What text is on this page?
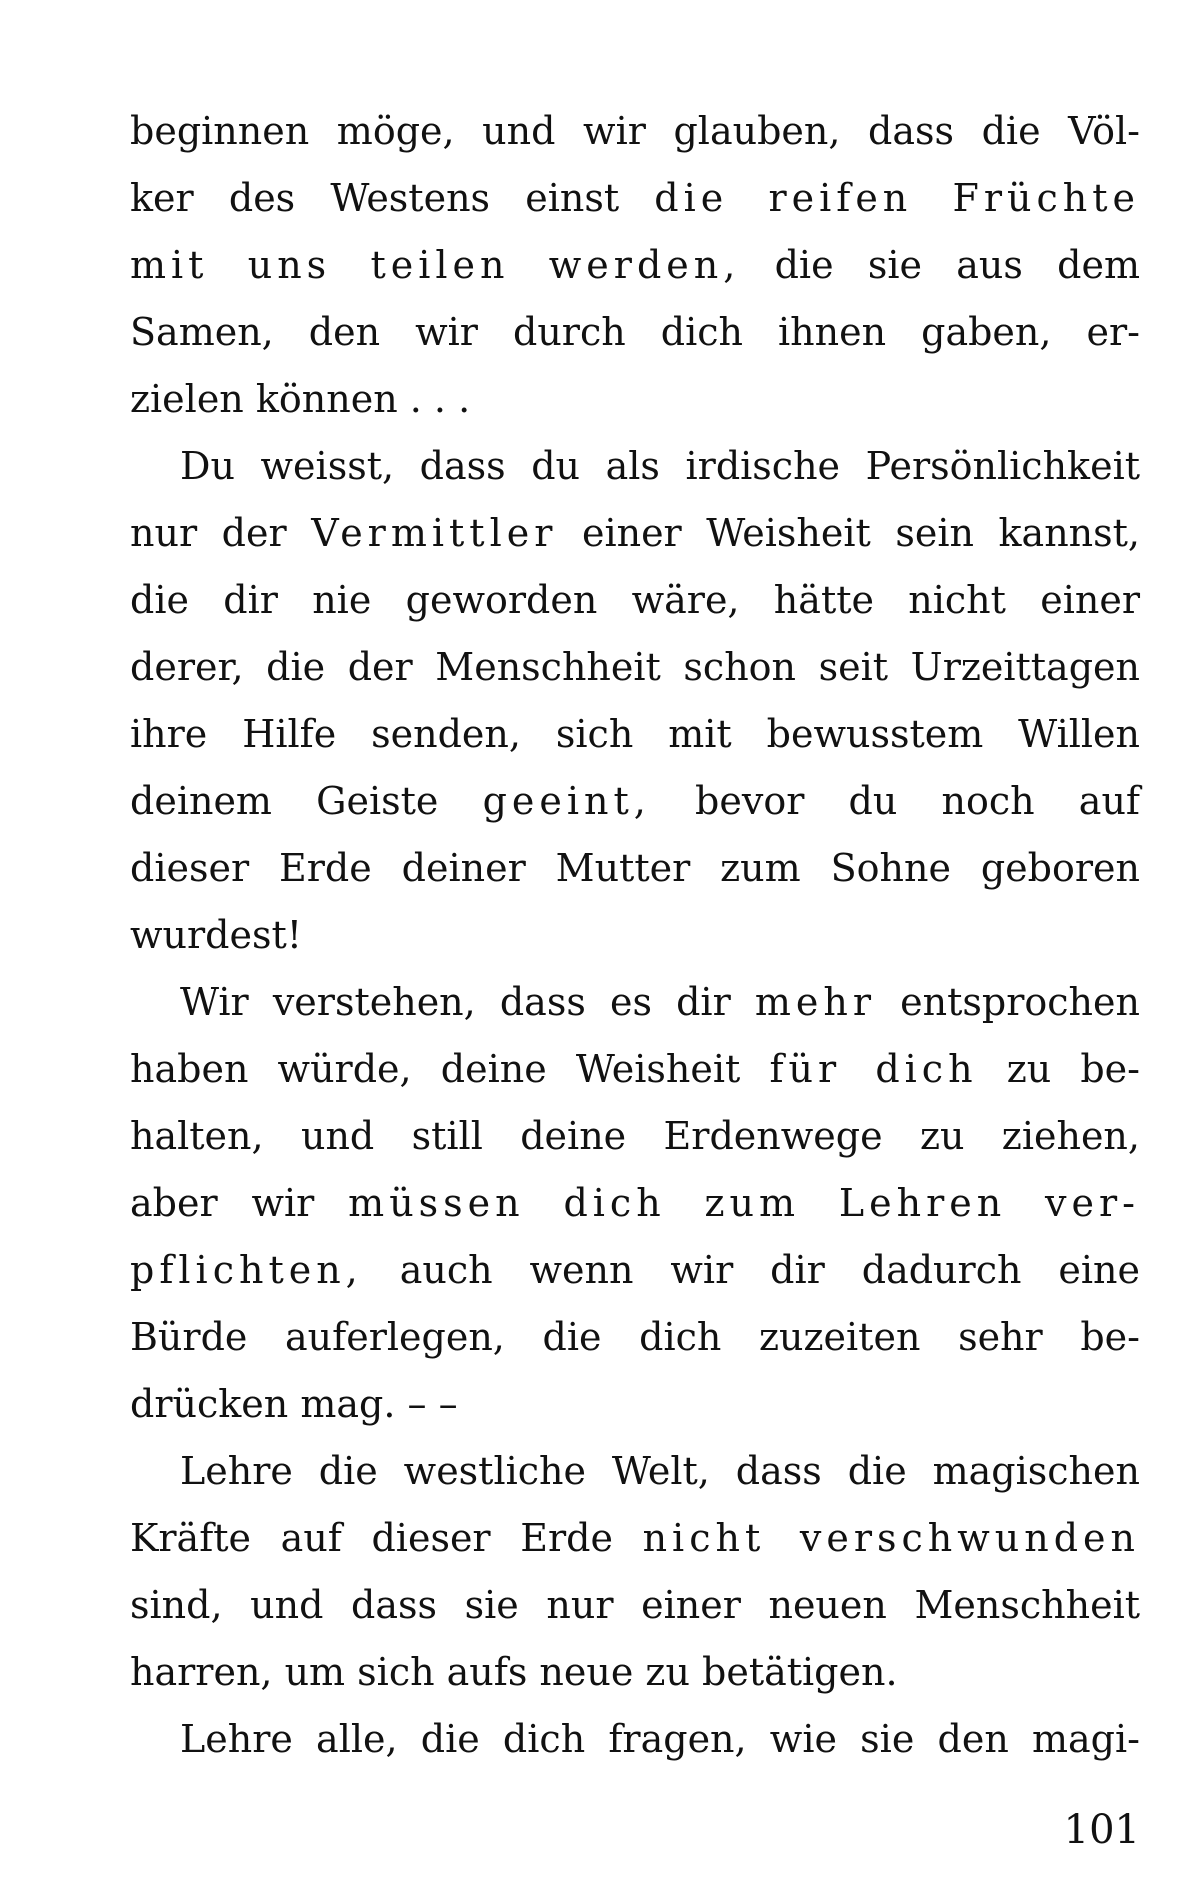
beginnen möge, und wir glauben, dass die Völ-
ker des Westens einst die reifen Früchte
mit uns teilen werden, die sie aus dem
Samen, den wir durch dich ihnen gaben, er-
zielen können . . .
Du weisst, dass du als irdische Persönlichkeit
nur der Vermittler einer Weisheit sein kannst,
die dir nie geworden wäre, hätte nicht einer
derer, die der Menschheit schon seit Urzeittagen
ihre Hilfe senden, sich mit bewusstem Willen
deinem Geiste geeint, bevor du noch auf
dieser Erde deiner Mutter zum Sohne geboren
wurdest!
Wir verstehen, dass es dir mehr entsprochen
haben würde, deine Weisheit für dich zu be-
halten, und still deine Erdenwege zu ziehen,
aber wir müssen dich zum Lehren ver-
pflichten, auch wenn wir dir dadurch eine
Bürde auferlegen, die dich zuzeiten sehr be-
drücken mag. – –
Lehre die westliche Welt, dass die magischen
Kräfte auf dieser Erde nicht verschwunden
sind, und dass sie nur einer neuen Menschheit
harren, um sich aufs neue zu betätigen.
Lehre alle, die dich fragen, wie sie den magi-
101
